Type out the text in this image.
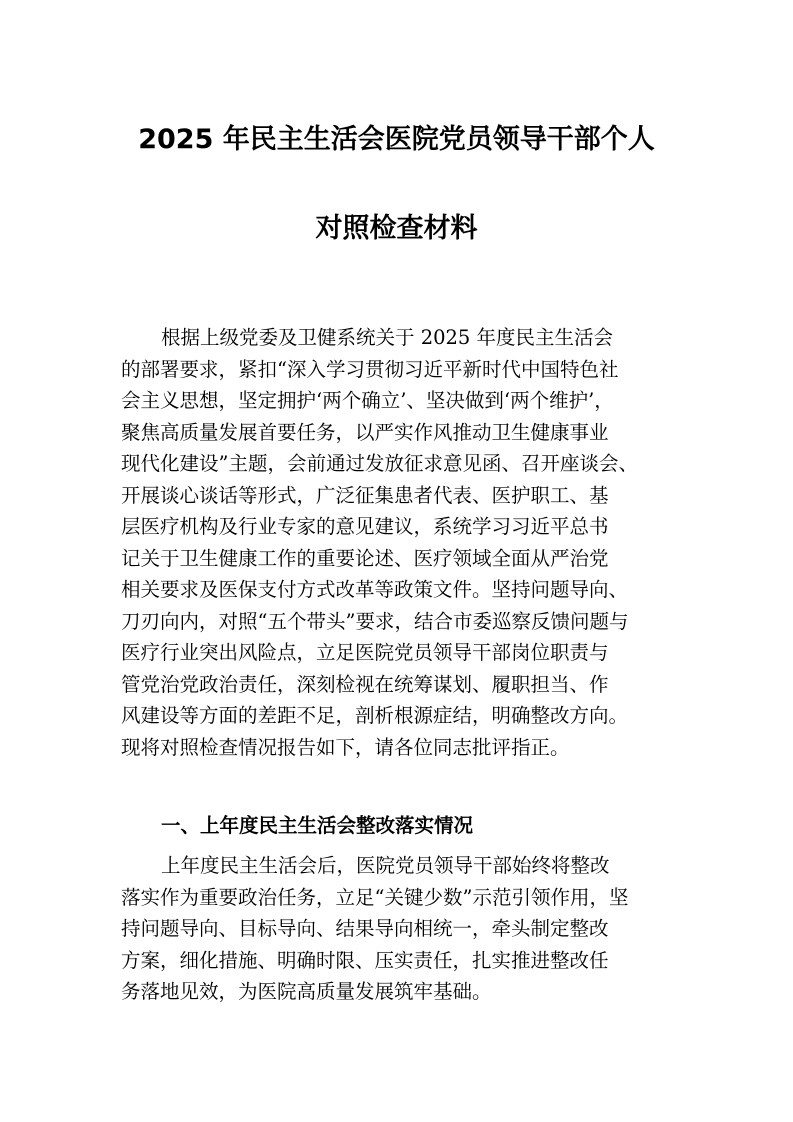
2025 年民主生活会医院党员领导干部个人
对照检查材料
根据上级党委及卫健系统关于 2025 年度民主生活会
的部署要求，紧扣“深入学习贯彻习近平新时代中国特色社
会主义思想，坚定拥护‘两个确立’、坚决做到‘两个维护’，
聚焦高质量发展首要任务，以严实作风推动卫生健康事业
现代化建设”主题，会前通过发放征求意见函、召开座谈会、
开展谈心谈话等形式，广泛征集患者代表、医护职工、基
层医疗机构及行业专家的意见建议，系统学习习近平总书
记关于卫生健康工作的重要论述、医疗领域全面从严治党
相关要求及医保支付方式改革等政策文件。坚持问题导向、
刀刃向内，对照“五个带头”要求，结合市委巡察反馈问题与
医疗行业突出风险点，立足医院党员领导干部岗位职责与
管党治党政治责任，深刻检视在统筹谋划、履职担当、作
风建设等方面的差距不足，剖析根源症结，明确整改方向。
现将对照检查情况报告如下，请各位同志批评指正。
一、上年度民主生活会整改落实情况
上年度民主生活会后，医院党员领导干部始终将整改
落实作为重要政治任务，立足“关键少数”示范引领作用，坚
持问题导向、目标导向、结果导向相统一，牵头制定整改
方案，细化措施、明确时限、压实责任，扎实推进整改任
务落地见效，为医院高质量发展筑牢基础。
